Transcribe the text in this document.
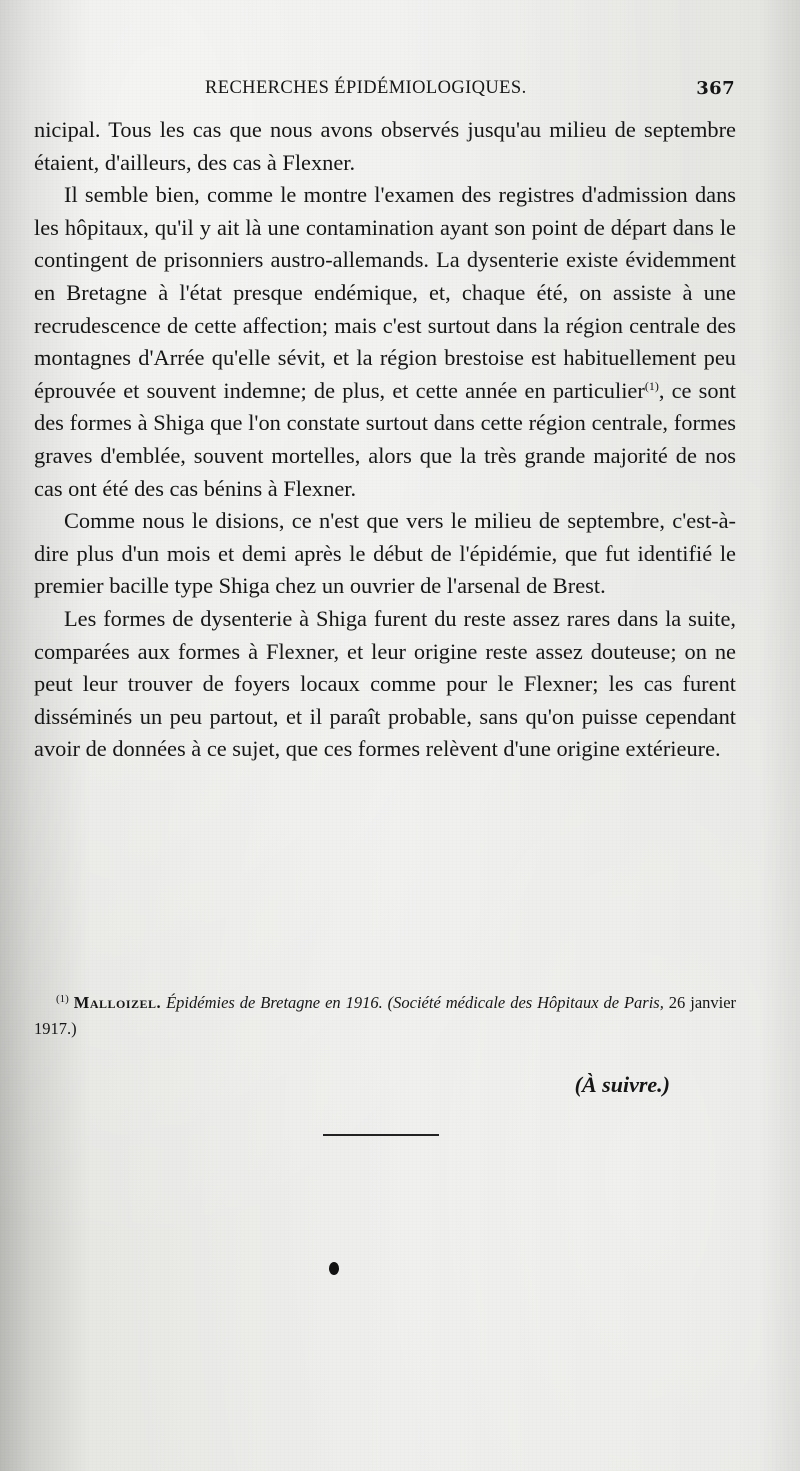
RECHERCHES ÉPIDÉMIOLOGIQUES.	367

nicipal. Tous les cas que nous avons observés jusqu'au milieu de septembre étaient, d'ailleurs, des cas à Flexner.

Il semble bien, comme le montre l'examen des registres d'admission dans les hôpitaux, qu'il y ait là une contamination ayant son point de départ dans le contingent de prisonniers austro-allemands. La dysenterie existe évidemment en Bretagne à l'état presque endémique, et, chaque été, on assiste à une recrudescence de cette affection; mais c'est surtout dans la région centrale des montagnes d'Arrée qu'elle sévit, et la région brestoise est habituellement peu éprouvée et souvent indemne; de plus, et cette année en particulier$^{(1)}$, ce sont des formes à Shiga que l'on constate surtout dans cette région centrale, formes graves d'emblée, souvent mortelles, alors que la très grande majorité de nos cas ont été des cas bénins à Flexner.

Comme nous le disions, ce n'est que vers le milieu de septembre, c'est-à-dire plus d'un mois et demi après le début de l'épidémie, que fut identifié le premier bacille type Shiga chez un ouvrier de l'arsenal de Brest.

Les formes de dysenterie à Shiga furent du reste assez rares dans la suite, comparées aux formes à Flexner, et leur origine reste assez douteuse; on ne peut leur trouver de foyers locaux comme pour le Flexner; les cas furent disséminés un peu partout, et il paraît probable, sans qu'on puisse cependant avoir de données à ce sujet, que ces formes relèvent d'une origine extérieure.

$^{(1)}$ Malloizel. Épidémies de Bretagne en 1916. (Société médicale des Hôpitaux de Paris, 26 janvier 1917.)
(À suivre.)
